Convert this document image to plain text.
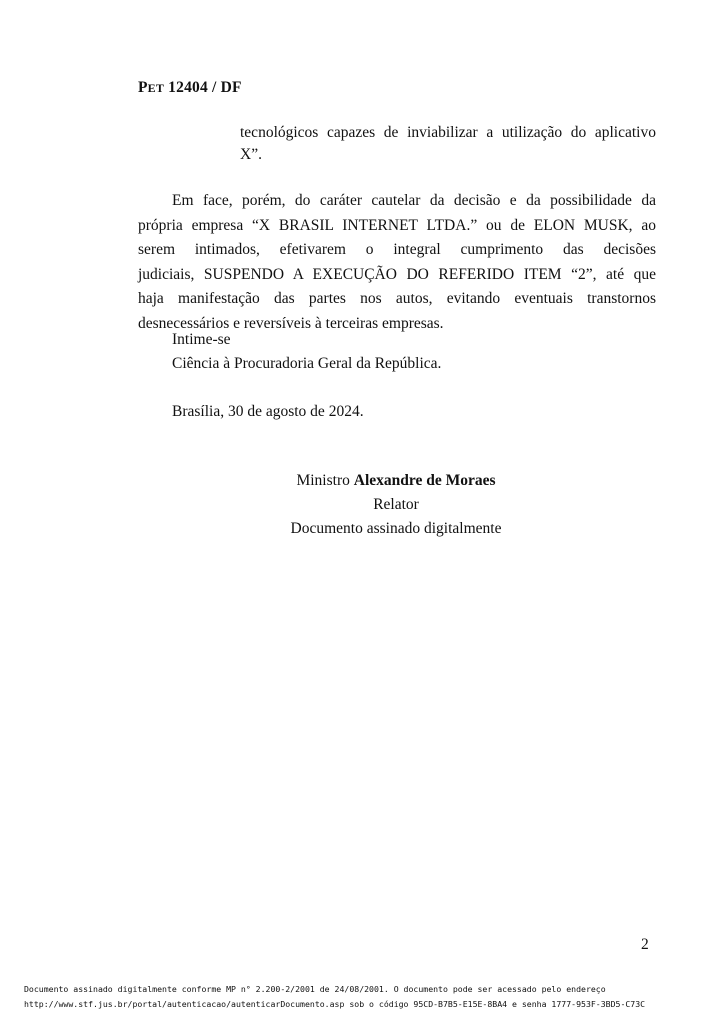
PET 12404 / DF
tecnológicos capazes de inviabilizar a utilização do aplicativo
X”.
Em face, porém, do caráter cautelar da decisão e da possibilidade da
própria empresa “X BRASIL INTERNET LTDA.” ou de ELON MUSK, ao
serem intimados, efetivarem o integral cumprimento das decisões
judiciais, SUSPENDO A EXECUÇÃO DO REFERIDO ITEM “2”, até que
haja manifestação das partes nos autos, evitando eventuais transtornos
desnecessários e reversíveis à terceiras empresas.
Intime-se
Ciência à Procuradoria Geral da República.
Brasília, 30 de agosto de 2024.
Ministro Alexandre de Moraes
Relator
Documento assinado digitalmente
2
Documento assinado digitalmente conforme MP n° 2.200-2/2001 de 24/08/2001. O documento pode ser acessado pelo endereço
http://www.stf.jus.br/portal/autenticacao/autenticarDocumento.asp sob o código 95CD-B7B5-E15E-8BA4 e senha 1777-953F-3BD5-C73C
